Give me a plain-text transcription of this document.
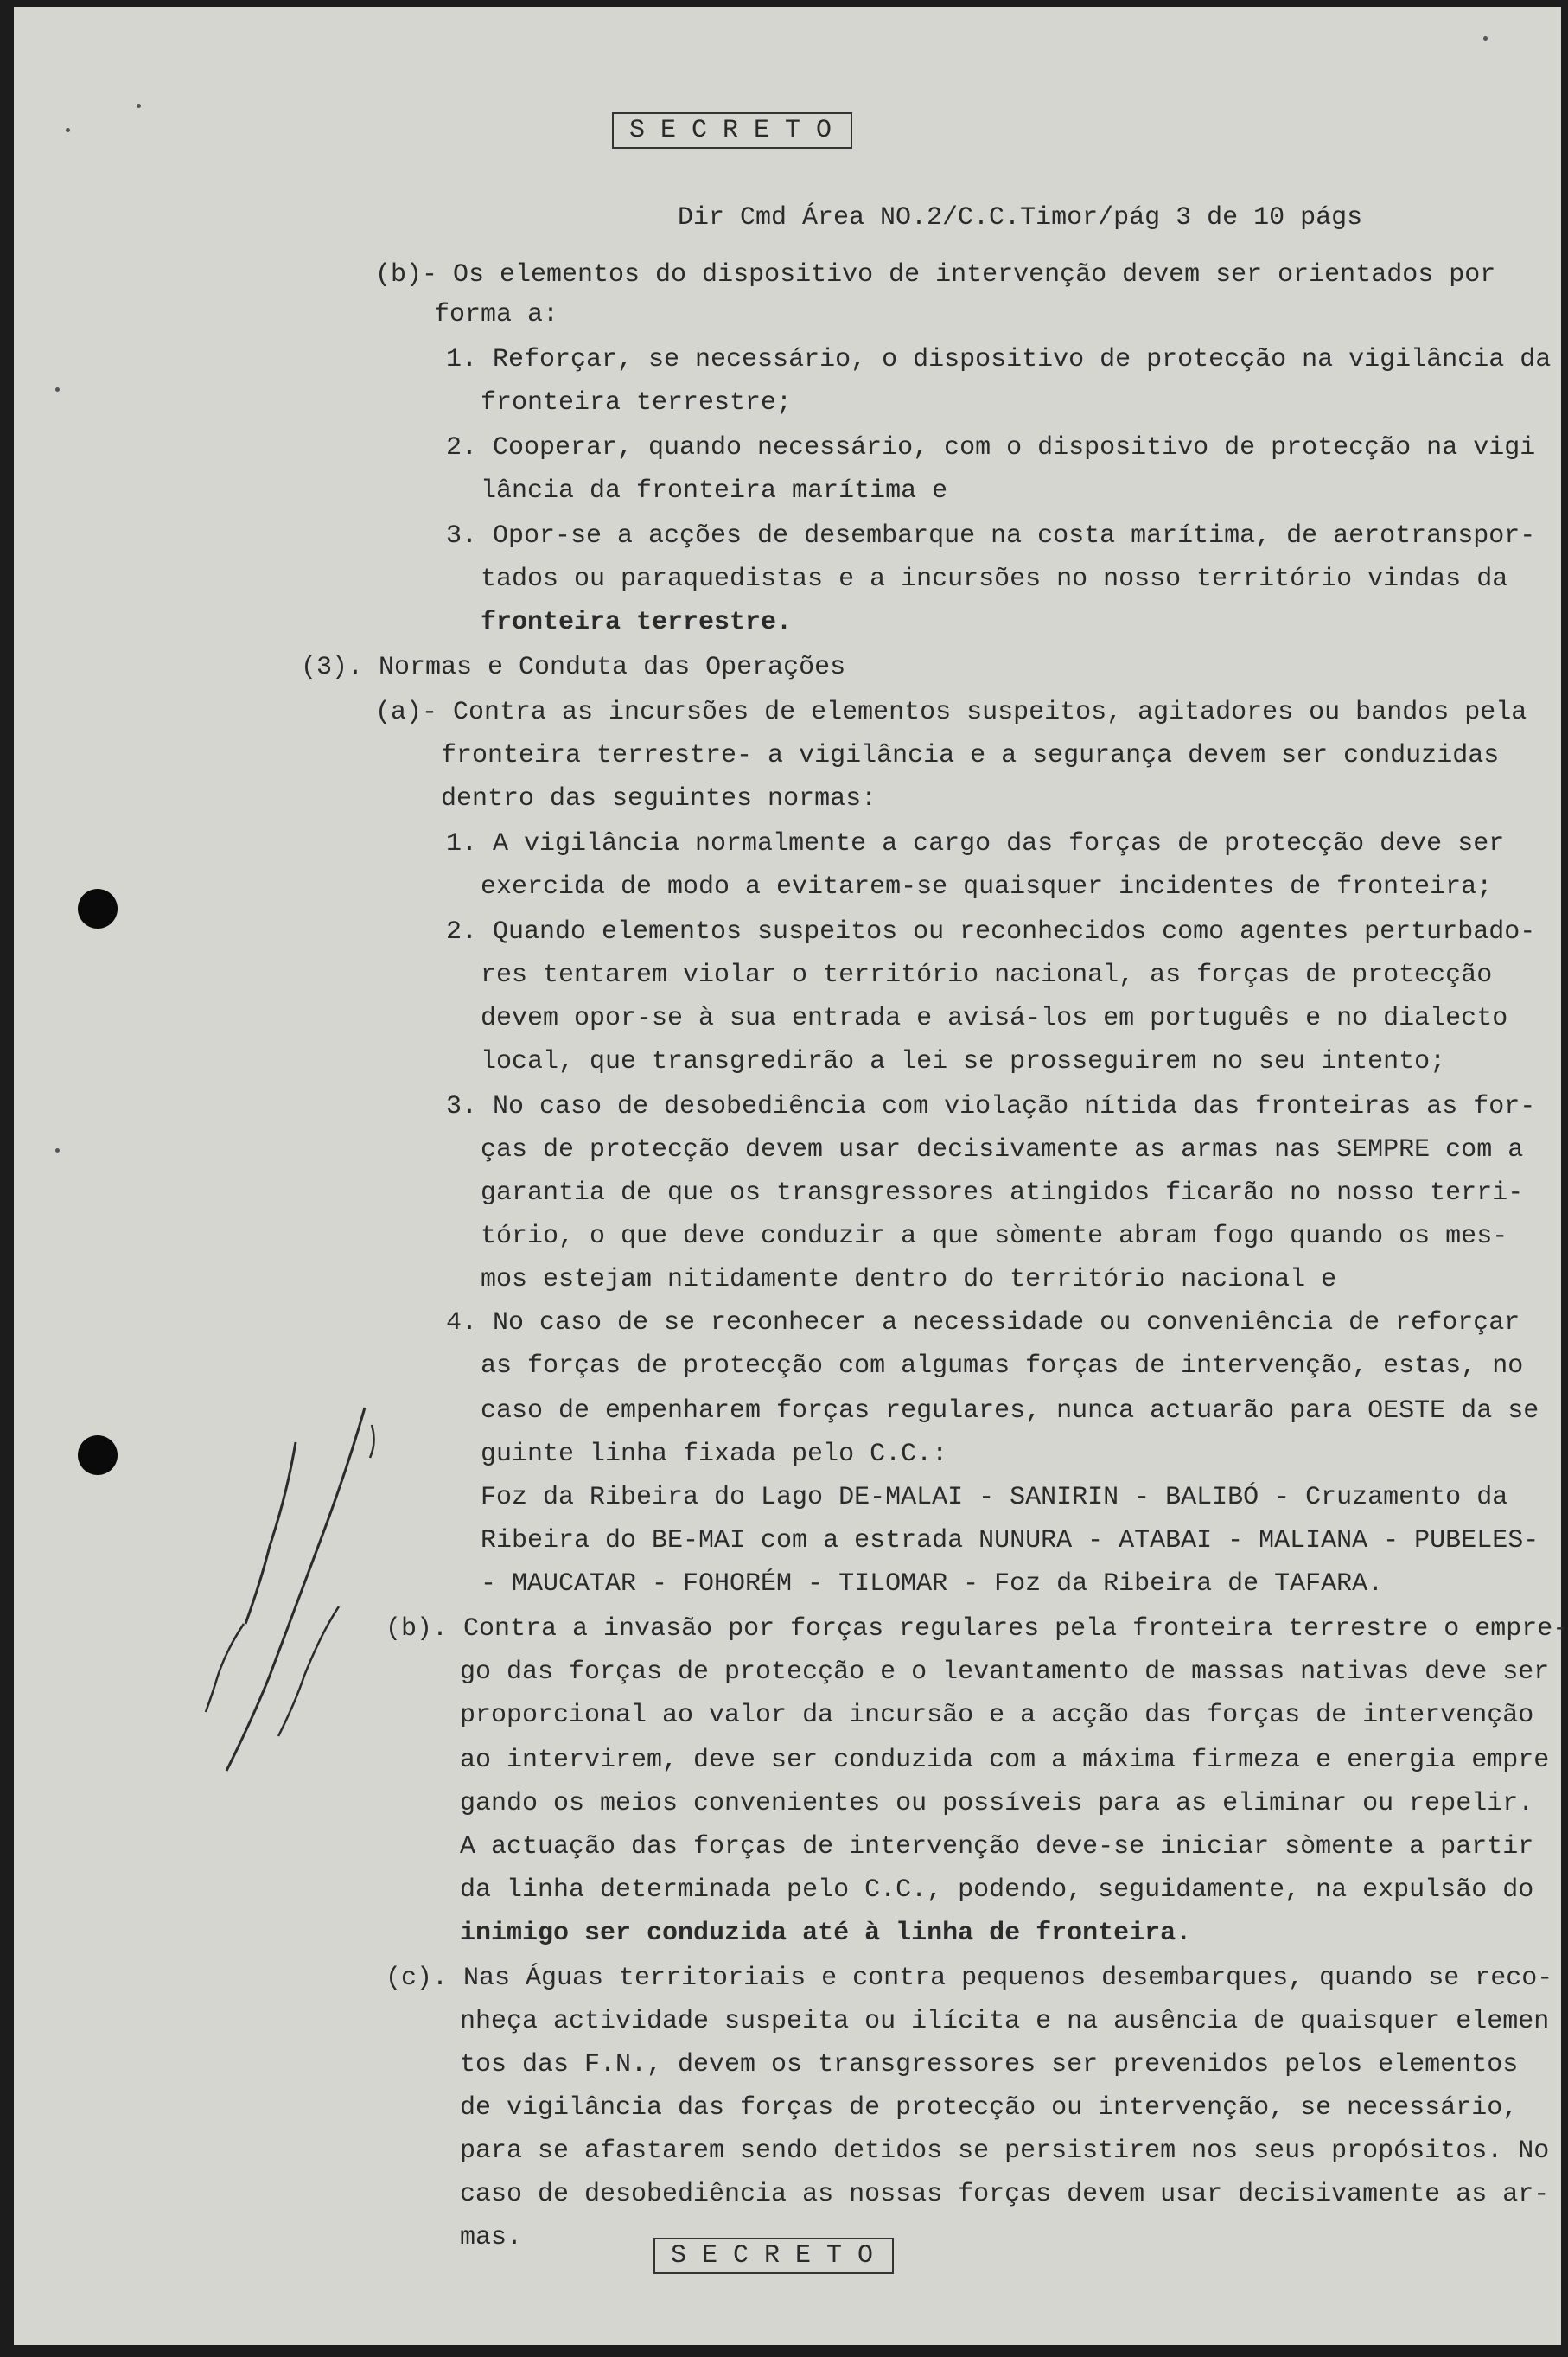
SECRETO

Dir Cmd Área NO.2/C.C.Timor/pág 3 de 10 págs

(b)- Os elementos do dispositivo de intervenção devem ser orientados por

forma a:

1. Reforçar, se necessário, o dispositivo de protecção na vigilância da

fronteira terrestre;

2. Cooperar, quando necessário, com o dispositivo de protecção na vigi

lância da fronteira marítima e

3. Opor-se a acções de desembarque na costa marítima, de aerotranspor-

tados ou paraquedistas e a incursões no nosso território vindas da

fronteira terrestre.

(3). Normas e Conduta das Operações

(a)- Contra as incursões de elementos suspeitos, agitadores ou bandos pela

fronteira terrestre- a vigilância e a segurança devem ser conduzidas

dentro das seguintes normas:

1. A vigilância normalmente a cargo das forças de protecção deve ser

exercida de modo a evitarem-se quaisquer incidentes de fronteira;

2. Quando elementos suspeitos ou reconhecidos como agentes perturbado-

res tentarem violar o território nacional, as forças de protecção

devem opor-se à sua entrada e avisá-los em português e no dialecto

local, que transgredirão a lei se prosseguirem no seu intento;

3. No caso de desobediência com violação nítida das fronteiras as for-

ças de protecção devem usar decisivamente as armas nas SEMPRE com a

garantia de que os transgressores atingidos ficarão no nosso terri-

tório, o que deve conduzir a que sòmente abram fogo quando os mes-

mos estejam nitidamente dentro do território nacional e

4. No caso de se reconhecer a necessidade ou conveniência de reforçar

as forças de protecção com algumas forças de intervenção, estas, no

caso de empenharem forças regulares, nunca actuarão para OESTE da se

guinte linha fixada pelo C.C.:

Foz da Ribeira do Lago DE-MALAI - SANIRIN - BALIBÓ - Cruzamento da

Ribeira do BE-MAI com a estrada NUNURA - ATABAI - MALIANA - PUBELES-

- MAUCATAR - FOHORÉM - TILOMAR - Foz da Ribeira de TAFARA.

(b). Contra a invasão por forças regulares pela fronteira terrestre o empre-

go das forças de protecção e o levantamento de massas nativas deve ser

proporcional ao valor da incursão e a acção das forças de intervenção

ao intervirem, deve ser conduzida com a máxima firmeza e energia empre

gando os meios convenientes ou possíveis para as eliminar ou repelir.

A actuação das forças de intervenção deve-se iniciar sòmente a partir

da linha determinada pelo C.C., podendo, seguidamente, na expulsão do

inimigo ser conduzida até à linha de fronteira.

(c). Nas Águas territoriais e contra pequenos desembarques, quando se reco-

nheça actividade suspeita ou ilícita e na ausência de quaisquer elemen

tos das F.N., devem os transgressores ser prevenidos pelos elementos

de vigilância das forças de protecção ou intervenção, se necessário,

para se afastarem sendo detidos se persistirem nos seus propósitos. No

caso de desobediência as nossas forças devem usar decisivamente as ar-

mas.

SECRETO
